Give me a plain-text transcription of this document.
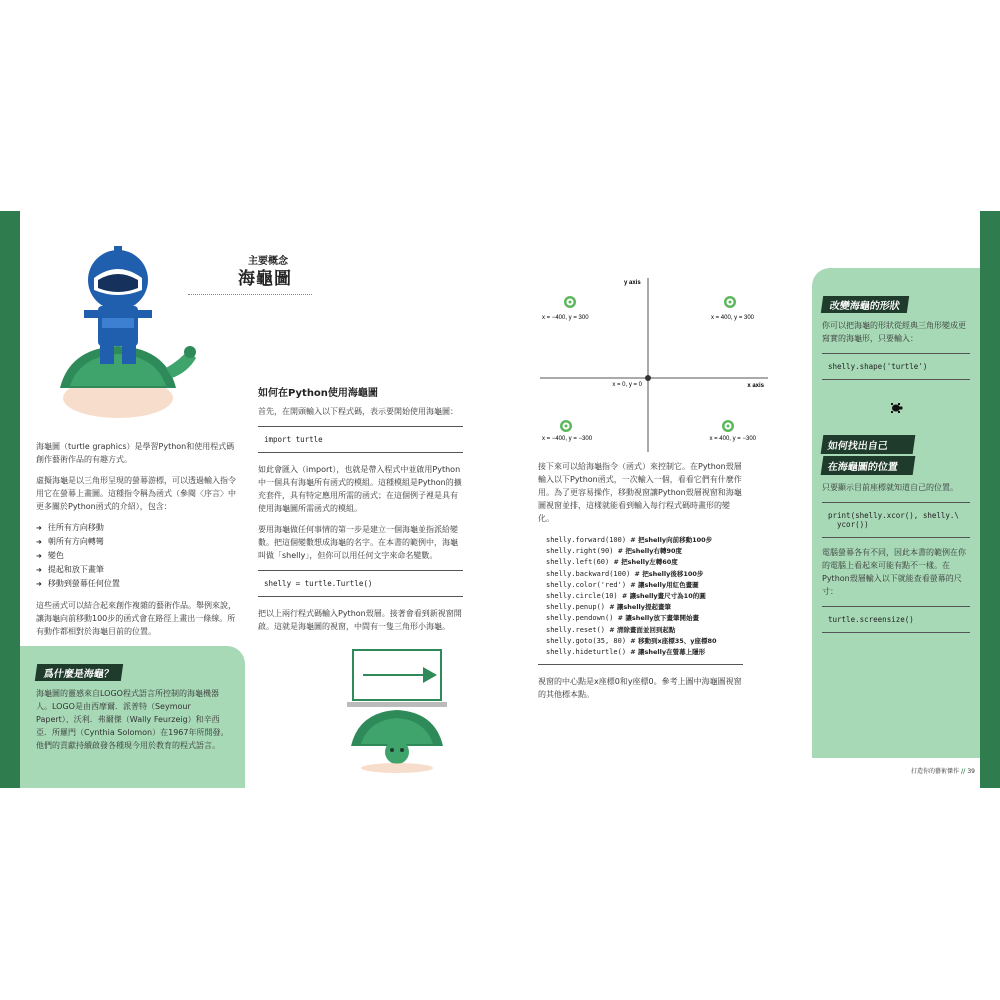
主要概念
海龜圖

海龜圖（turtle graphics）是學習Python和使用程式碼創作藝術作品的有趣方式。

虛擬海龜是以三角形呈現的螢幕游標，可以透過輸入指令用它在螢幕上畫圖。這種指令稱為函式（參閱〈序言〉中更多關於Python函式的介紹），包含：

➜ 往所有方向移動
➜ 朝所有方向轉彎
➜ 變色
➜ 提起和放下畫筆
➜ 移動到螢幕任何位置

這些函式可以結合起來創作複雜的藝術作品。舉例來說，讓海龜向前移動100步的函式會在路徑上畫出一條線。所有動作都相對於海龜目前的位置。

爲什麼是海龜？

海龜圖的靈感來自LOGO程式語言所控制的海龜機器人。LOGO是由西摩爾．派普特（Seymour Papert）、沃利．弗爾傑（Wally Feurzeig）和辛西亞．所羅門（Cynthia Solomon）在1967年所開發。他們的貢獻持續啟發各種現今用於教育的程式語言。

如何在Python使用海龜圖

首先，在開頭輸入以下程式碼，表示要開始使用海龜圖：

import turtle

如此會匯入（import），也就是帶入程式中並啟用Python中一個具有海龜所有函式的模組。這種模組是Python的擴充套件，具有特定應用所需的函式；在這個例子裡是具有使用海龜圖所需函式的模組。

要用海龜做任何事情的第一步是建立一個海龜並指派給變數。把這個變數想成海龜的名字。在本書的範例中，海龜叫做「shelly」，但你可以用任何文字來命名變數。

shelly = turtle.Turtle()

把以上兩行程式碼輸入Python殼層。接著會看到新視窗開啟。這就是海龜圖的視窗，中間有一隻三角形小海龜。

y axis
x axis
x = 0, y = 0
x = −400, y = 300	x = 400, y = 300
x = −400, y = −300	x = 400, y = −300

接下來可以給海龜指令（函式）來控制它。在Python殼層輸入以下Python函式，一次輸入一個，看看它們有什麼作用。為了更容易操作，移動視窗讓Python殼層視窗和海龜圖視窗並排，這樣就能看到輸入每行程式碼時畫形的變化。

shelly.forward(100) # 把shelly向前移動100步
shelly.right(90) # 把shelly右轉90度
shelly.left(60) # 把shelly左轉60度
shelly.backward(100) # 把shelly後移100步
shelly.color('red') # 讓shelly用紅色畫圖
shelly.circle(10) # 讓shelly畫尺寸為10的圓
shelly.penup() # 讓shelly提起畫筆
shelly.pendown() # 讓shelly放下畫筆開始畫
shelly.reset() # 清除畫面並回到起點
shelly.goto(35, 80) # 移動到x座標35、y座標80
shelly.hideturtle() # 讓shelly在螢幕上隱形

視窗的中心點是x座標0和y座標0。參考上圖中海龜圖視窗的其他標本點。

改變海龜的形狀

你可以把海龜的形狀從經典三角形變成更寫實的海龜形，只要輸入：

shelly.shape('turtle')
如何找出自己
在海龜圖的位置

只要顯示目前座標就知道自己的位置。

print(shelly.xcor(), shelly.\
ycor())

電腦螢幕各有不同，因此本書的範例在你的電腦上看起來可能有點不一樣。在Python殼層輸入以下就能查看螢幕的尺寸：

turtle.screensize()
打造你的藝術傑作 // 39
